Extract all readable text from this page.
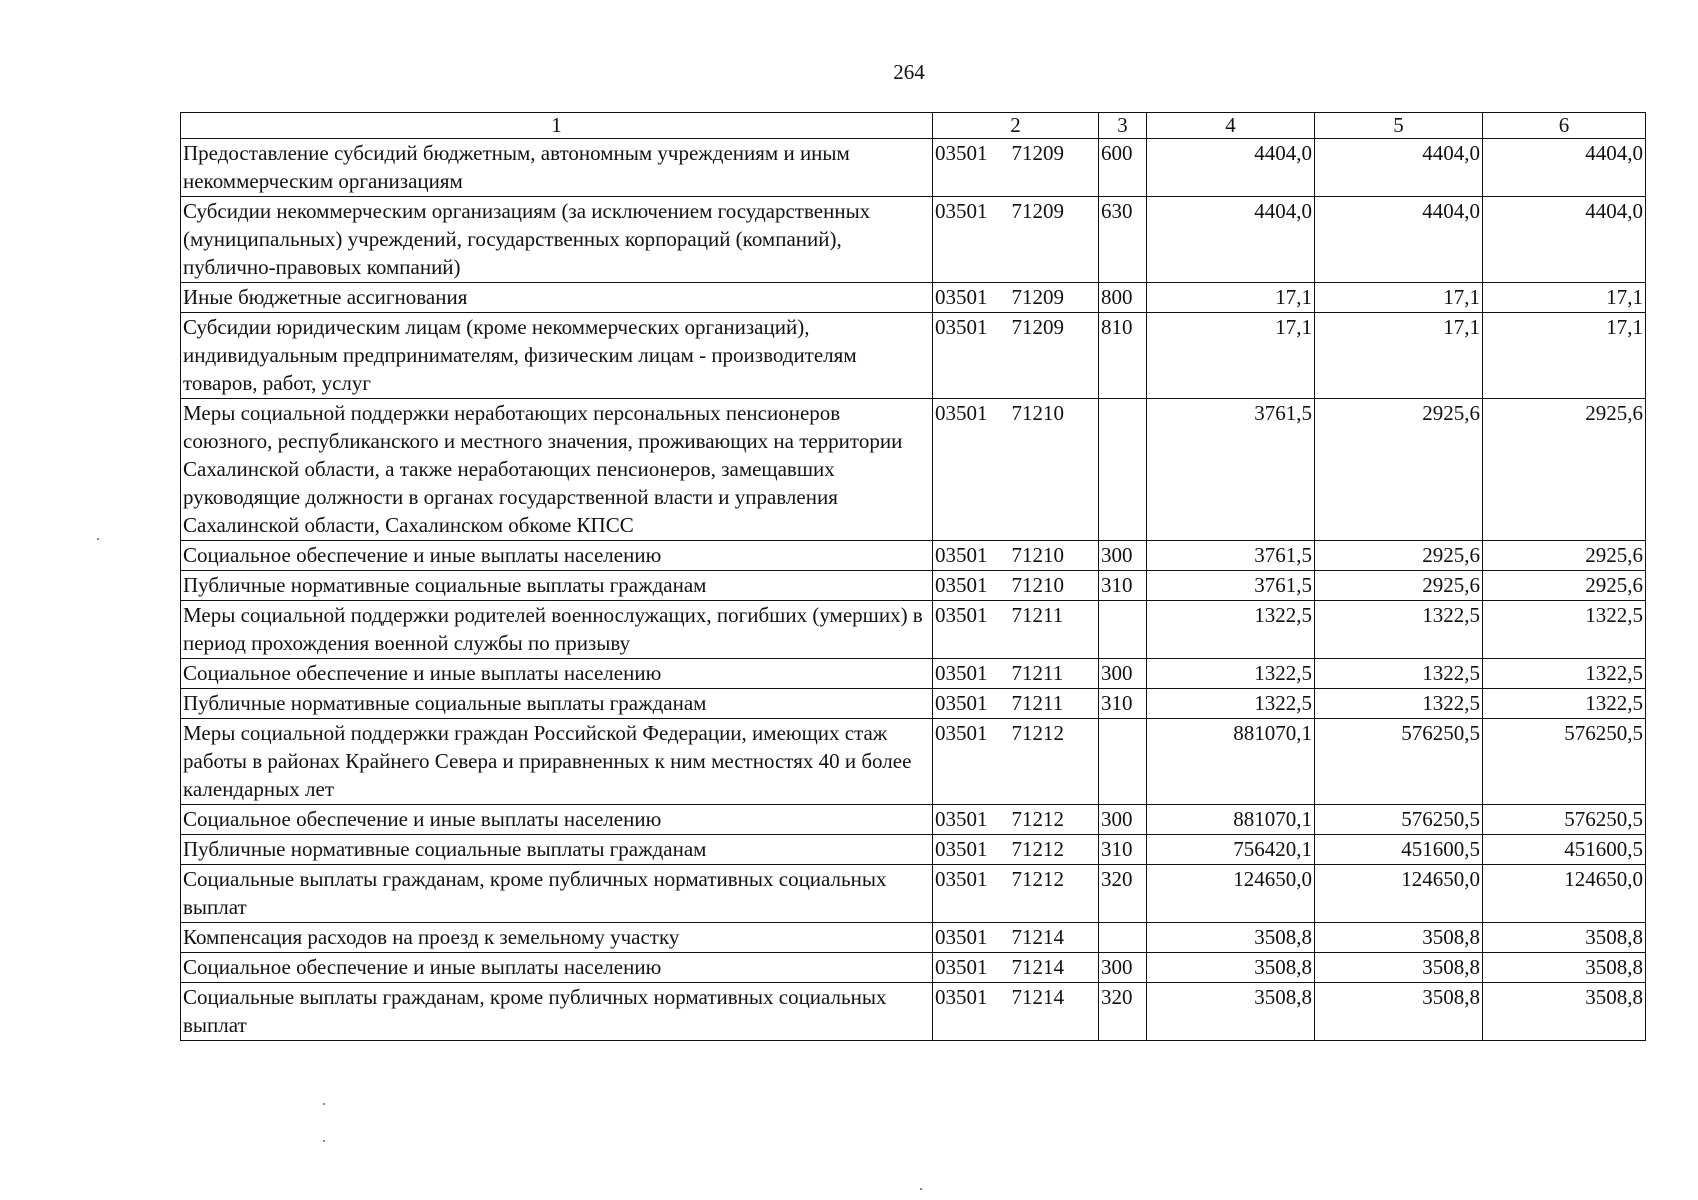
264
1	2	3	4	5	6
Предоставление субсидий бюджетным, автономным учреждениям и иным некоммерческим организациям	03501 71209	600	4404,0	4404,0	4404,0
Субсидии некоммерческим организациям (за исключением государственных (муниципальных) учреждений, государственных корпораций (компаний), публично-правовых компаний)	03501 71209	630	4404,0	4404,0	4404,0
Иные бюджетные ассигнования	03501 71209	800	17,1	17,1	17,1
Субсидии юридическим лицам (кроме некоммерческих организаций), индивидуальным предпринимателям, физическим лицам - производителям товаров, работ, услуг	03501 71209	810	17,1	17,1	17,1
Меры социальной поддержки неработающих персональных пенсионеров союзного, республиканского и местного значения, проживающих на территории Сахалинской области, а также неработающих пенсионеров, замещавших руководящие должности в органах государственной власти и управления Сахалинской области, Сахалинском обкоме КПСС	03501 71210		3761,5	2925,6	2925,6
Социальное обеспечение и иные выплаты населению	03501 71210	300	3761,5	2925,6	2925,6
Публичные нормативные социальные выплаты гражданам	03501 71210	310	3761,5	2925,6	2925,6
Меры социальной поддержки родителей военнослужащих, погибших (умерших) в период прохождения военной службы по призыву	03501 71211		1322,5	1322,5	1322,5
Социальное обеспечение и иные выплаты населению	03501 71211	300	1322,5	1322,5	1322,5
Публичные нормативные социальные выплаты гражданам	03501 71211	310	1322,5	1322,5	1322,5
Меры социальной поддержки граждан Российской Федерации, имеющих стаж работы в районах Крайнего Севера и приравненных к ним местностях 40 и более календарных лет	03501 71212		881070,1	576250,5	576250,5
Социальное обеспечение и иные выплаты населению	03501 71212	300	881070,1	576250,5	576250,5
Публичные нормативные социальные выплаты гражданам	03501 71212	310	756420,1	451600,5	451600,5
Социальные выплаты гражданам, кроме публичных нормативных социальных выплат	03501 71212	320	124650,0	124650,0	124650,0
Компенсация расходов на проезд к земельному участку	03501 71214		3508,8	3508,8	3508,8
Социальное обеспечение и иные выплаты населению	03501 71214	300	3508,8	3508,8	3508,8
Социальные выплаты гражданам, кроме публичных нормативных социальных выплат	03501 71214	320	3508,8	3508,8	3508,8
